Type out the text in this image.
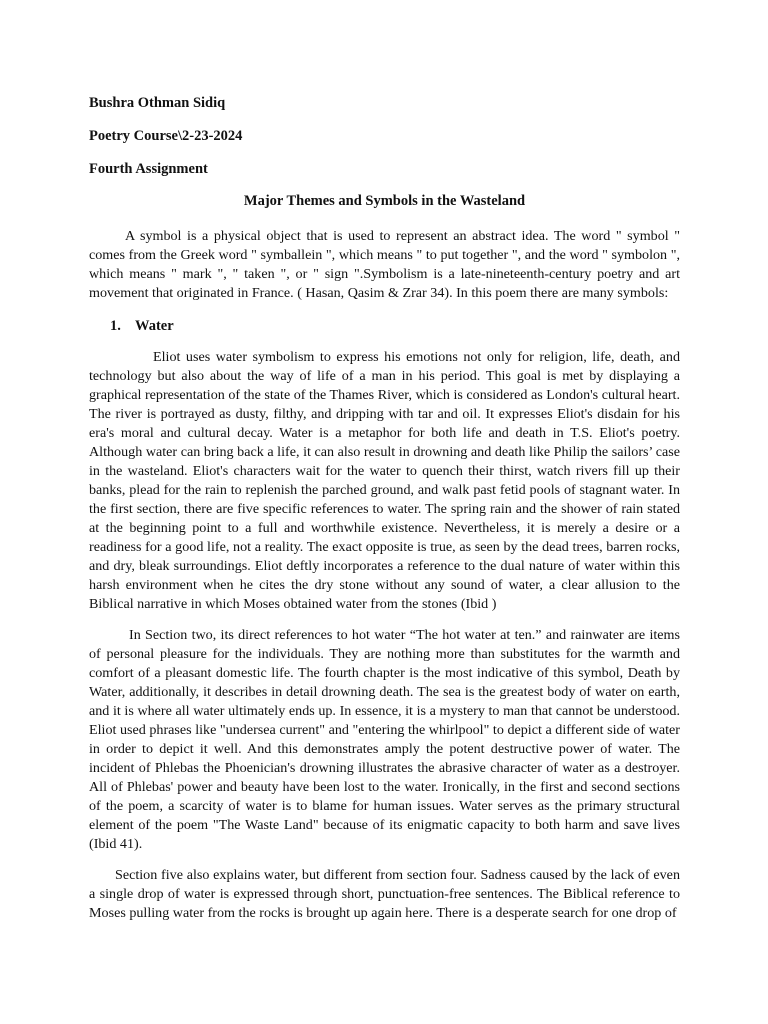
Bushra Othman Sidiq
Poetry Course\2-23-2024
Fourth Assignment
Major Themes and Symbols in the Wasteland

A symbol is a physical object that is used to represent an abstract idea. The word " symbol " comes from the Greek word " symballein ", which means " to put together ", and the word " symbolon ", which means " mark ", " taken ", or " sign ".Symbolism is a late-nineteenth-century poetry and art movement that originated in France. ( Hasan, Qasim & Zrar 34). In this poem there are many symbols:

1. Water

Eliot uses water symbolism to express his emotions not only for religion, life, death, and technology but also about the way of life of a man in his period. This goal is met by displaying a graphical representation of the state of the Thames River, which is considered as London's cultural heart. The river is portrayed as dusty, filthy, and dripping with tar and oil. It expresses Eliot's disdain for his era's moral and cultural decay. Water is a metaphor for both life and death in T.S. Eliot's poetry. Although water can bring back a life, it can also result in drowning and death like Philip the sailors’ case in the wasteland. Eliot's characters wait for the water to quench their thirst, watch rivers fill up their banks, plead for the rain to replenish the parched ground, and walk past fetid pools of stagnant water. In the first section, there are five specific references to water. The spring rain and the shower of rain stated at the beginning point to a full and worthwhile existence. Nevertheless, it is merely a desire or a readiness for a good life, not a reality. The exact opposite is true, as seen by the dead trees, barren rocks, and dry, bleak surroundings. Eliot deftly incorporates a reference to the dual nature of water within this harsh environment when he cites the dry stone without any sound of water, a clear allusion to the Biblical narrative in which Moses obtained water from the stones (Ibid )

In Section two, its direct references to hot water “The hot water at ten.” and rainwater are items of personal pleasure for the individuals. They are nothing more than substitutes for the warmth and comfort of a pleasant domestic life. The fourth chapter is the most indicative of this symbol, Death by Water, additionally, it describes in detail drowning death. The sea is the greatest body of water on earth, and it is where all water ultimately ends up. In essence, it is a mystery to man that cannot be understood. Eliot used phrases like "undersea current" and "entering the whirlpool" to depict a different side of water in order to depict it well. And this demonstrates amply the potent destructive power of water. The incident of Phlebas the Phoenician's drowning illustrates the abrasive character of water as a destroyer. All of Phlebas' power and beauty have been lost to the water. Ironically, in the first and second sections of the poem, a scarcity of water is to blame for human issues. Water serves as the primary structural element of the poem "The Waste Land" because of its enigmatic capacity to both harm and save lives (Ibid 41).

Section five also explains water, but different from section four. Sadness caused by the lack of even a single drop of water is expressed through short, punctuation-free sentences. The Biblical reference to Moses pulling water from the rocks is brought up again here. There is a desperate search for one drop of
